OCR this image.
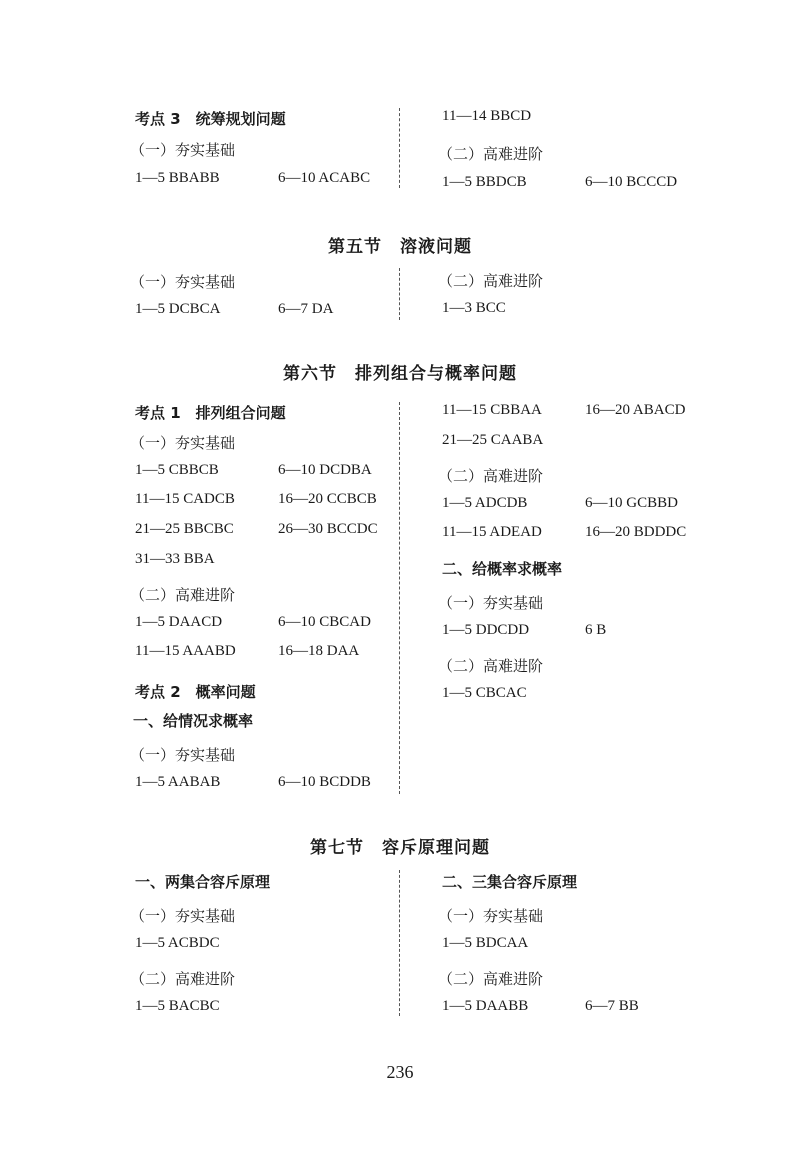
考点 3　统筹规划问题
（一）夯实基础
1—5 BBABB	6—10 ACABC
11—14 BBCD
（二）高难进阶
1—5 BBDCB	6—10 BCCCD
第五节　溶液问题
（一）夯实基础
1—5 DCBCA	6—7 DA
（二）高难进阶
1—3 BCC
第六节　排列组合与概率问题
考点 1　排列组合问题
（一）夯实基础
1—5 CBBCB	6—10 DCDBA
11—15 CADCB	16—20 CCBCB
21—25 BBCBC	26—30 BCCDC
31—33 BBA
（二）高难进阶
1—5 DAACD	6—10 CBCAD
11—15 AAABD	16—18 DAA
考点 2　概率问题
一、给情况求概率
（一）夯实基础
1—5 AABAB	6—10 BCDDB
11—15 CBBAA	16—20 ABACD
21—25 CAABA
（二）高难进阶
1—5 ADCDB	6—10 GCBBD
11—15 ADEAD	16—20 BDDDC
二、给概率求概率
（一）夯实基础
1—5 DDCDD	6 B
（二）高难进阶
1—5 CBCAC
第七节　容斥原理问题
一、两集合容斥原理
（一）夯实基础
1—5 ACBDC
（二）高难进阶
1—5 BACBC
二、三集合容斥原理
（一）夯实基础
1—5 BDCAA
（二）高难进阶
1—5 DAABB	6—7 BB
236
